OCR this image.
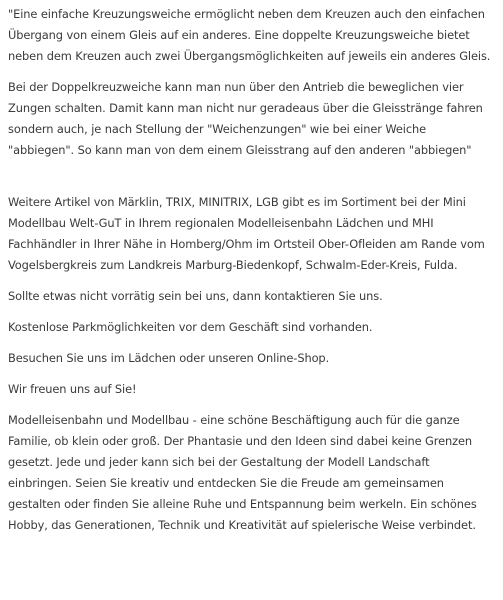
"Eine einfache Kreuzungsweiche ermöglicht neben dem Kreuzen auch den einfachen Übergang von einem Gleis auf ein anderes. Eine doppelte Kreuzungsweiche bietet neben dem Kreuzen auch zwei Übergangsmöglichkeiten auf jeweils ein anderes Gleis.

Bei der Doppelkreuzweiche kann man nun über den Antrieb die beweglichen vier Zungen schalten. Damit kann man nicht nur geradeaus über die Gleisstränge fahren sondern auch, je nach Stellung der "Weichenzungen" wie bei einer Weiche "abbiegen". So kann man von dem einem Gleisstrang auf den anderen "abbiegen"

Weitere Artikel von Märklin, TRIX, MINITRIX, LGB gibt es im Sortiment bei der Mini Modellbau Welt-GuT in Ihrem regionalen Modelleisenbahn Lädchen und MHI Fachhändler in Ihrer Nähe in Homberg/Ohm im Ortsteil Ober-Ofleiden am Rande vom Vogelsbergkreis zum Landkreis Marburg-Biedenkopf, Schwalm-Eder-Kreis, Fulda.

Sollte etwas nicht vorrätig sein bei uns, dann kontaktieren Sie uns.

Kostenlose Parkmöglichkeiten vor dem Geschäft sind vorhanden.

Besuchen Sie uns im Lädchen oder unseren Online-Shop.

Wir freuen uns auf Sie!

Modelleisenbahn und Modellbau - eine schöne Beschäftigung auch für die ganze Familie, ob klein oder groß. Der Phantasie und den Ideen sind dabei keine Grenzen gesetzt. Jede und jeder kann sich bei der Gestaltung der Modell Landschaft einbringen. Seien Sie kreativ und entdecken Sie die Freude am gemeinsamen gestalten oder finden Sie alleine Ruhe und Entspannung beim werkeln. Ein schönes Hobby, das Generationen, Technik und Kreativität auf spielerische Weise verbindet.
